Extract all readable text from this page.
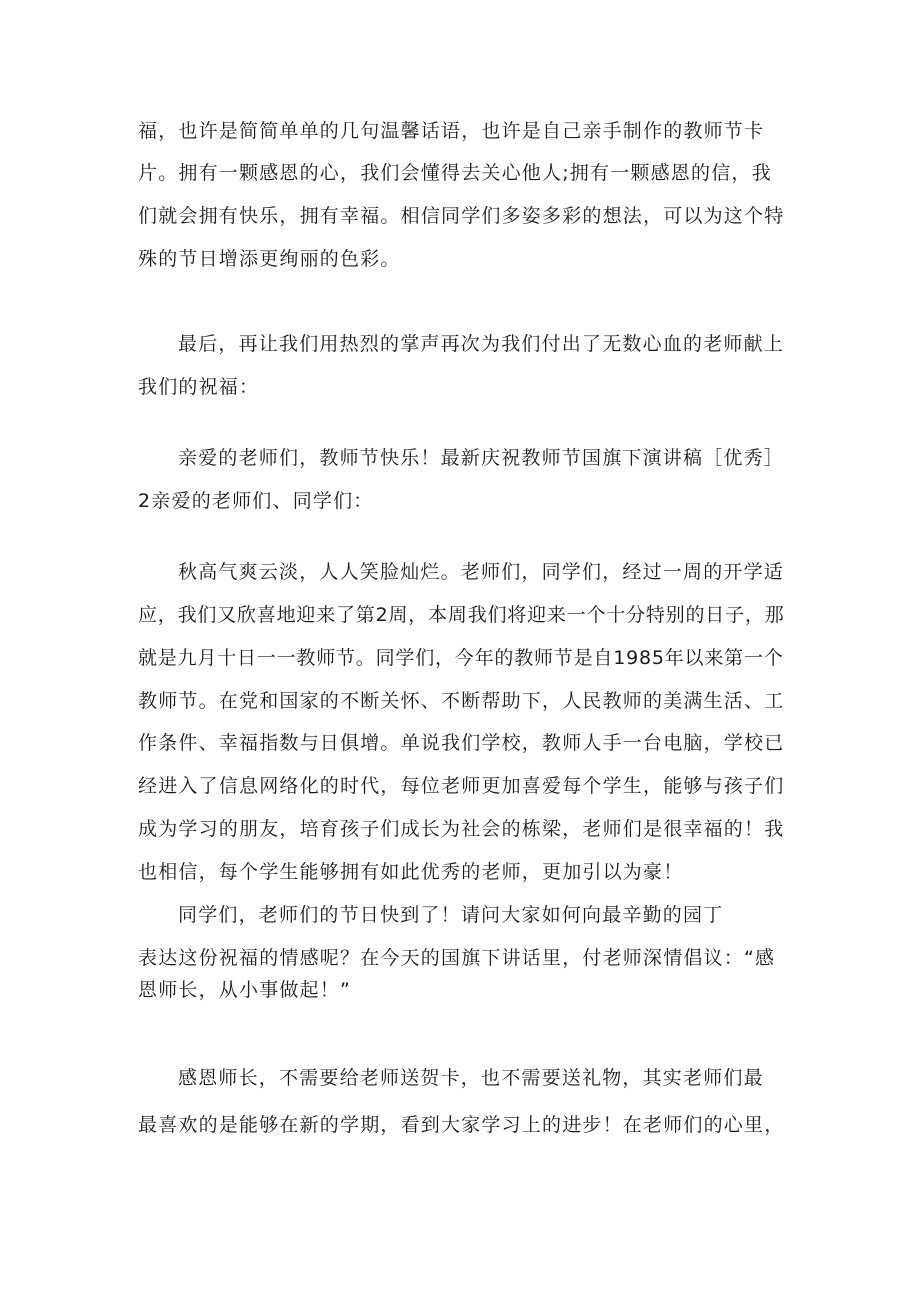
福，也许是简简单单的几句温馨话语，也许是自己亲手制作的教师节卡
片。拥有一颗感恩的心，我们会懂得去关心他人;拥有一颗感恩的信，我
们就会拥有快乐，拥有幸福。相信同学们多姿多彩的想法，可以为这个特
殊的节日增添更绚丽的色彩。
最后，再让我们用热烈的掌声再次为我们付出了无数心血的老师献上
我们的祝福：
亲爱的老师们，教师节快乐！最新庆祝教师节国旗下演讲稿［优秀］
2亲爱的老师们、同学们：
秋高气爽云淡，人人笑脸灿烂。老师们，同学们，经过一周的开学适
应，我们又欣喜地迎来了第2周，本周我们将迎来一个十分特别的日子，那
就是九月十日一一教师节。同学们，今年的教师节是自1985年以来第一个
教师节。在党和国家的不断关怀、不断帮助下，人民教师的美满生活、工
作条件、幸福指数与日俱增。单说我们学校，教师人手一台电脑，学校已
经进入了信息网络化的时代，每位老师更加喜爱每个学生，能够与孩子们
成为学习的朋友，培育孩子们成长为社会的栋梁，老师们是很幸福的！我
也相信，每个学生能够拥有如此优秀的老师，更加引以为豪！
同学们，老师们的节日快到了！请问大家如何向最辛勤的园丁
表达这份祝福的情感呢？在今天的国旗下讲话里，付老师深情倡议：“感
恩师长，从小事做起！”
感恩师长，不需要给老师送贺卡，也不需要送礼物，其实老师们最
最喜欢的是能够在新的学期，看到大家学习上的进步！在老师们的心里，
